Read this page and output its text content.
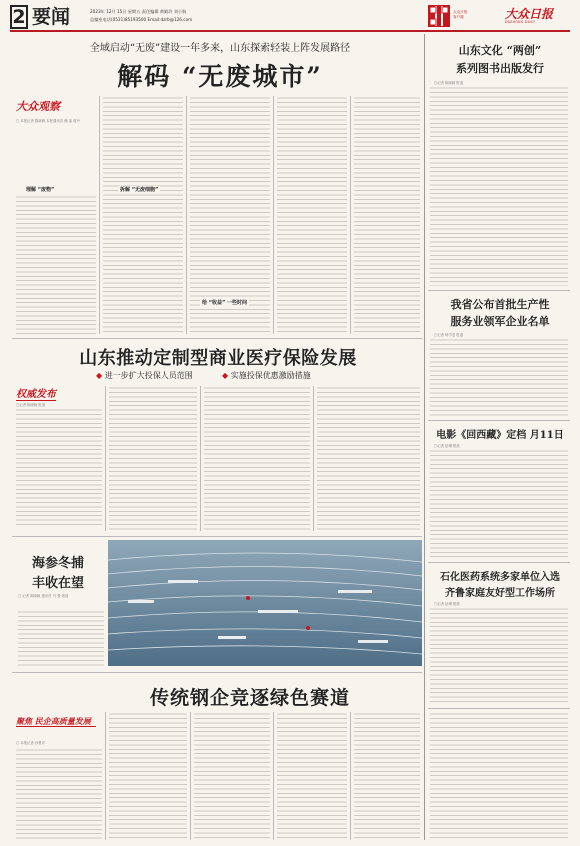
2 要闻	2023年 12月 15日 星期五 责任编辑 黄殿玲 刘小航
总编室电话(0531)85193500 Email:dzrb@126.com
大众日报 客户端	大众日报
DAZHONG DAILY
全域启动“无废”建设一年多来，山东探索轻装上阵发展路径
解码 “无废城市”
大众观察
□ 本报记者 陈晓婉 本报通讯员 鲍 福 蒋丹

理解 “废物”	拆解 “无废细胞”
给 “收益” 一些时间
山东文化 “两创”
系列图书出版发行
□记者 陈晓婉 报道
我省公布首批生产性
服务业领军企业名单
□记者 杨学莹 报道
山东推动定制型商业医疗保险发展
◆ 进一步扩大投保人员范围	◆ 实施投保优惠激励措施
权威发布
□记者 陈晓婉 报道
电影《回西藏》定档 月11日
□记者 赵琳 报道
石化医药系统多家单位入选
齐鲁家庭友好型工作场所
□记者 赵琳 报道
海参冬捕
丰收在望
□ 记者 陈晓婉 通讯员 马 强 报道
传统钢企竞逐绿色赛道
聚焦 民企高质量发展
□ 本报记者 孙鲁洋
